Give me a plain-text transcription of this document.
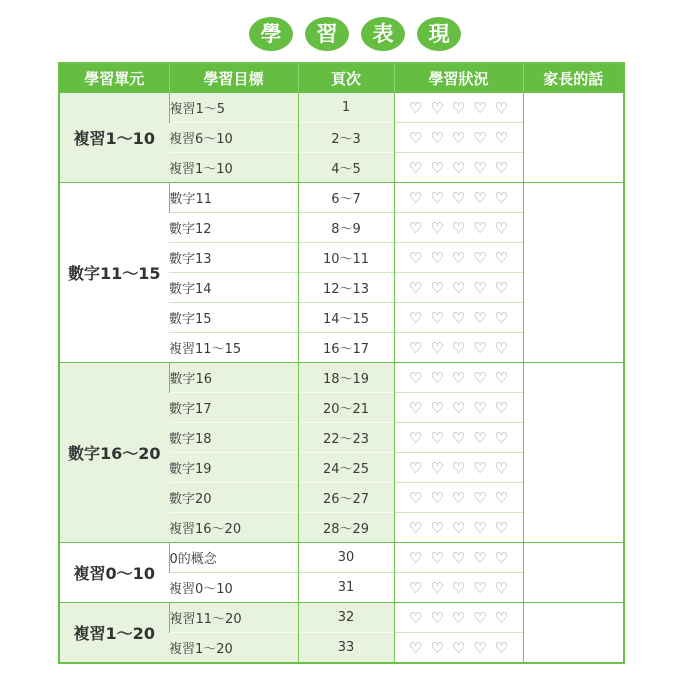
學	習	表	現
學習單元	學習目標	頁次	學習狀況	家長的話
複習1～10	複習1～5	1	♡♡♡♡♡	
	複習6～10	2～3	♡♡♡♡♡	
	複習1～10	4～5	♡♡♡♡♡	
數字11～15	數字11	6～7	♡♡♡♡♡	
	數字12	8～9	♡♡♡♡♡	
	數字13	10～11	♡♡♡♡♡	
	數字14	12～13	♡♡♡♡♡	
	數字15	14～15	♡♡♡♡♡	
	複習11～15	16～17	♡♡♡♡♡	
數字16～20	數字16	18～19	♡♡♡♡♡	
	數字17	20～21	♡♡♡♡♡	
	數字18	22～23	♡♡♡♡♡	
	數字19	24～25	♡♡♡♡♡	
	數字20	26～27	♡♡♡♡♡	
	複習16～20	28～29	♡♡♡♡♡	
複習0～10	0的概念	30	♡♡♡♡♡	
	複習0～10	31	♡♡♡♡♡	
複習1～20	複習11～20	32	♡♡♡♡♡	
	複習1～20	33	♡♡♡♡♡	
